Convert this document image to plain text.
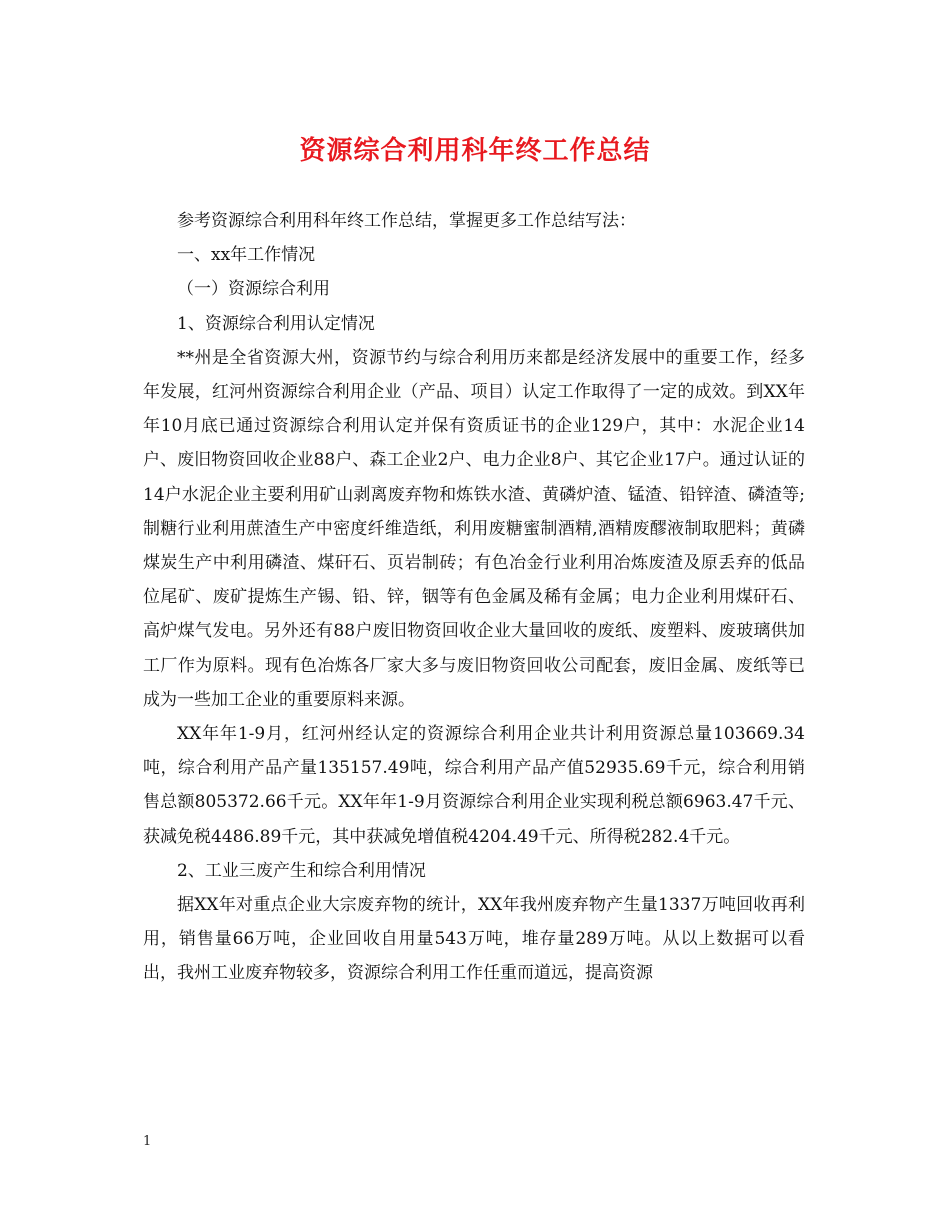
资源综合利用科年终工作总结

参考资源综合利用科年终工作总结，掌握更多工作总结写法：

一、xx年工作情况

（一）资源综合利用

1、资源综合利用认定情况

**州是全省资源大州，资源节约与综合利用历来都是经济发展中的重要工作，经多年发展，红河州资源综合利用企业（产品、项目）认定工作取得了一定的成效。到XX年年10月底已通过资源综合利用认定并保有资质证书的企业129户，其中：水泥企业14户、废旧物资回收企业88户、森工企业2户、电力企业8户、其它企业17户。通过认证的14户水泥企业主要利用矿山剥离废弃物和炼铁水渣、黄磷炉渣、锰渣、铅锌渣、磷渣等;制糖行业利用蔗渣生产中密度纤维造纸，利用废糖蜜制酒精,酒精废醪液制取肥料；黄磷煤炭生产中利用磷渣、煤矸石、页岩制砖；有色冶金行业利用冶炼废渣及原丢弃的低品位尾矿、废矿提炼生产锡、铅、锌，铟等有色金属及稀有金属；电力企业利用煤矸石、高炉煤气发电。另外还有88户废旧物资回收企业大量回收的废纸、废塑料、废玻璃供加工厂作为原料。现有色冶炼各厂家大多与废旧物资回收公司配套，废旧金属、废纸等已成为一些加工企业的重要原料来源。

XX年年1-9月，红河州经认定的资源综合利用企业共计利用资源总量103669.34吨，综合利用产品产量135157.49吨，综合利用产品产值52935.69千元，综合利用销售总额805372.66千元。XX年年1-9月资源综合利用企业实现利税总额6963.47千元、获减免税4486.89千元，其中获减免增值税4204.49千元、所得税282.4千元。

2、工业三废产生和综合利用情况

据XX年对重点企业大宗废弃物的统计，XX年我州废弃物产生量1337万吨回收再利用，销售量66万吨，企业回收自用量543万吨，堆存量289万吨。从以上数据可以看出，我州工业废弃物较多，资源综合利用工作任重而道远，提高资源

1
